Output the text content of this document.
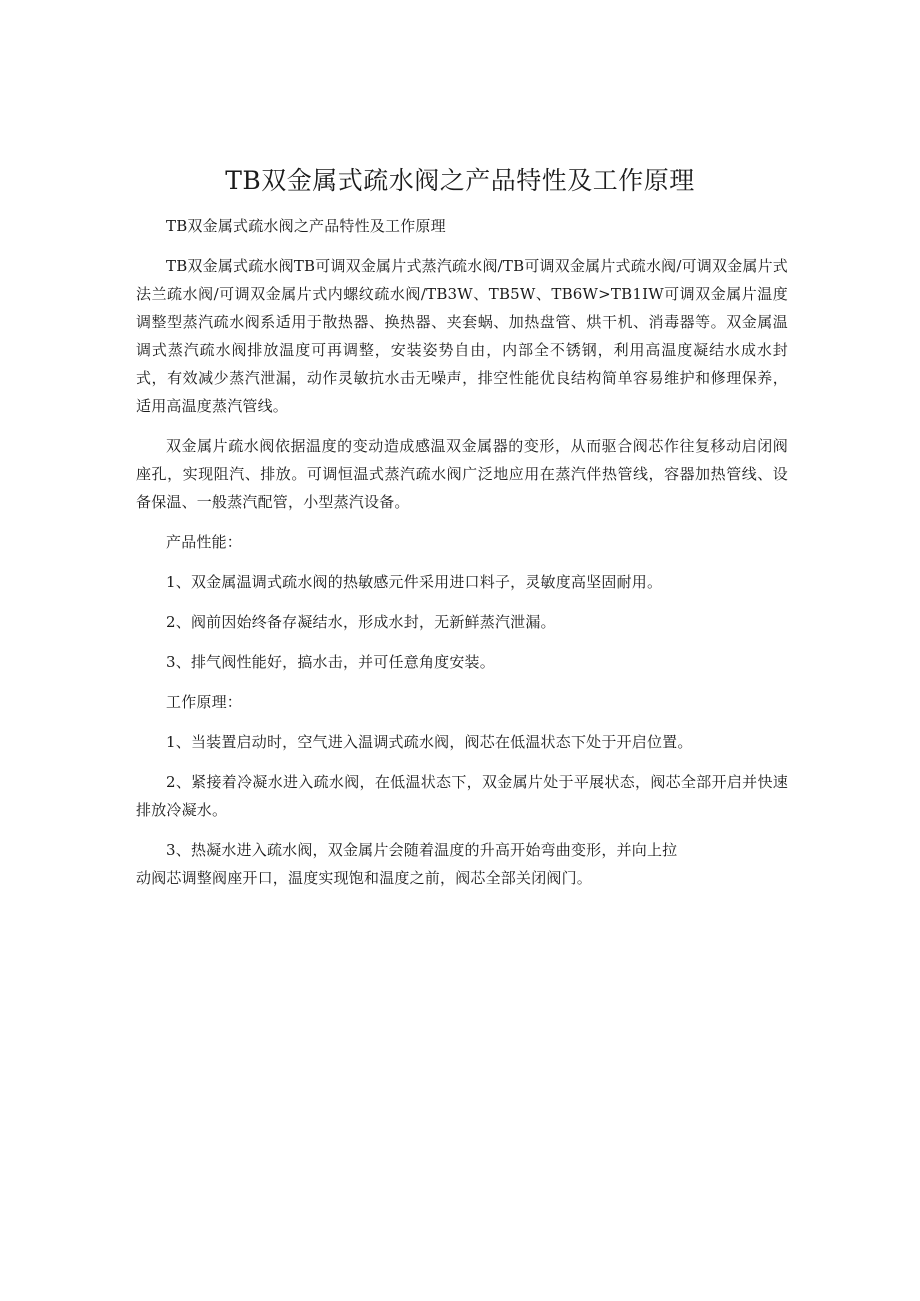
TB双金属式疏水阀之产品特性及工作原理

TB双金属式疏水阀之产品特性及工作原理

TB双金属式疏水阀TB可调双金属片式蒸汽疏水阀/TB可调双金属片式疏水阀/可调双金属片式法兰疏水阀/可调双金属片式内螺纹疏水阀/TB3W、TB5W、TB6W>TB1IW可调双金属片温度调整型蒸汽疏水阀系适用于散热器、换热器、夹套蜗、加热盘管、烘干机、消毒器等。双金属温调式蒸汽疏水阀排放温度可再调整，安装姿势自由，内部全不锈钢，利用高温度凝结水成水封式，有效减少蒸汽泄漏，动作灵敏抗水击无噪声，排空性能优良结构简单容易维护和修理保养，适用高温度蒸汽管线。

双金属片疏水阀依据温度的变动造成感温双金属器的变形，从而驱合阀芯作往复移动启闭阀座孔，实现阻汽、排放。可调恒温式蒸汽疏水阀广泛地应用在蒸汽伴热管线，容器加热管线、设备保温、一般蒸汽配管，小型蒸汽设备。

产品性能：

1、双金属温调式疏水阀的热敏感元件采用进口料子，灵敏度高坚固耐用。

2、阀前因始终备存凝结水，形成水封，无新鲜蒸汽泄漏。

3、排气阀性能好，搞水击，并可任意角度安装。

工作原理：

1、当装置启动时，空气进入温调式疏水阀，阀芯在低温状态下处于开启位置。

2、紧接着冷凝水进入疏水阀，在低温状态下，双金属片处于平展状态，阀芯全部开启并快速排放冷凝水。

3、热凝水进入疏水阀，双金属片会随着温度的升高开始弯曲变形，并向上拉

动阀芯调整阀座开口，温度实现饱和温度之前，阀芯全部关闭阀门。
